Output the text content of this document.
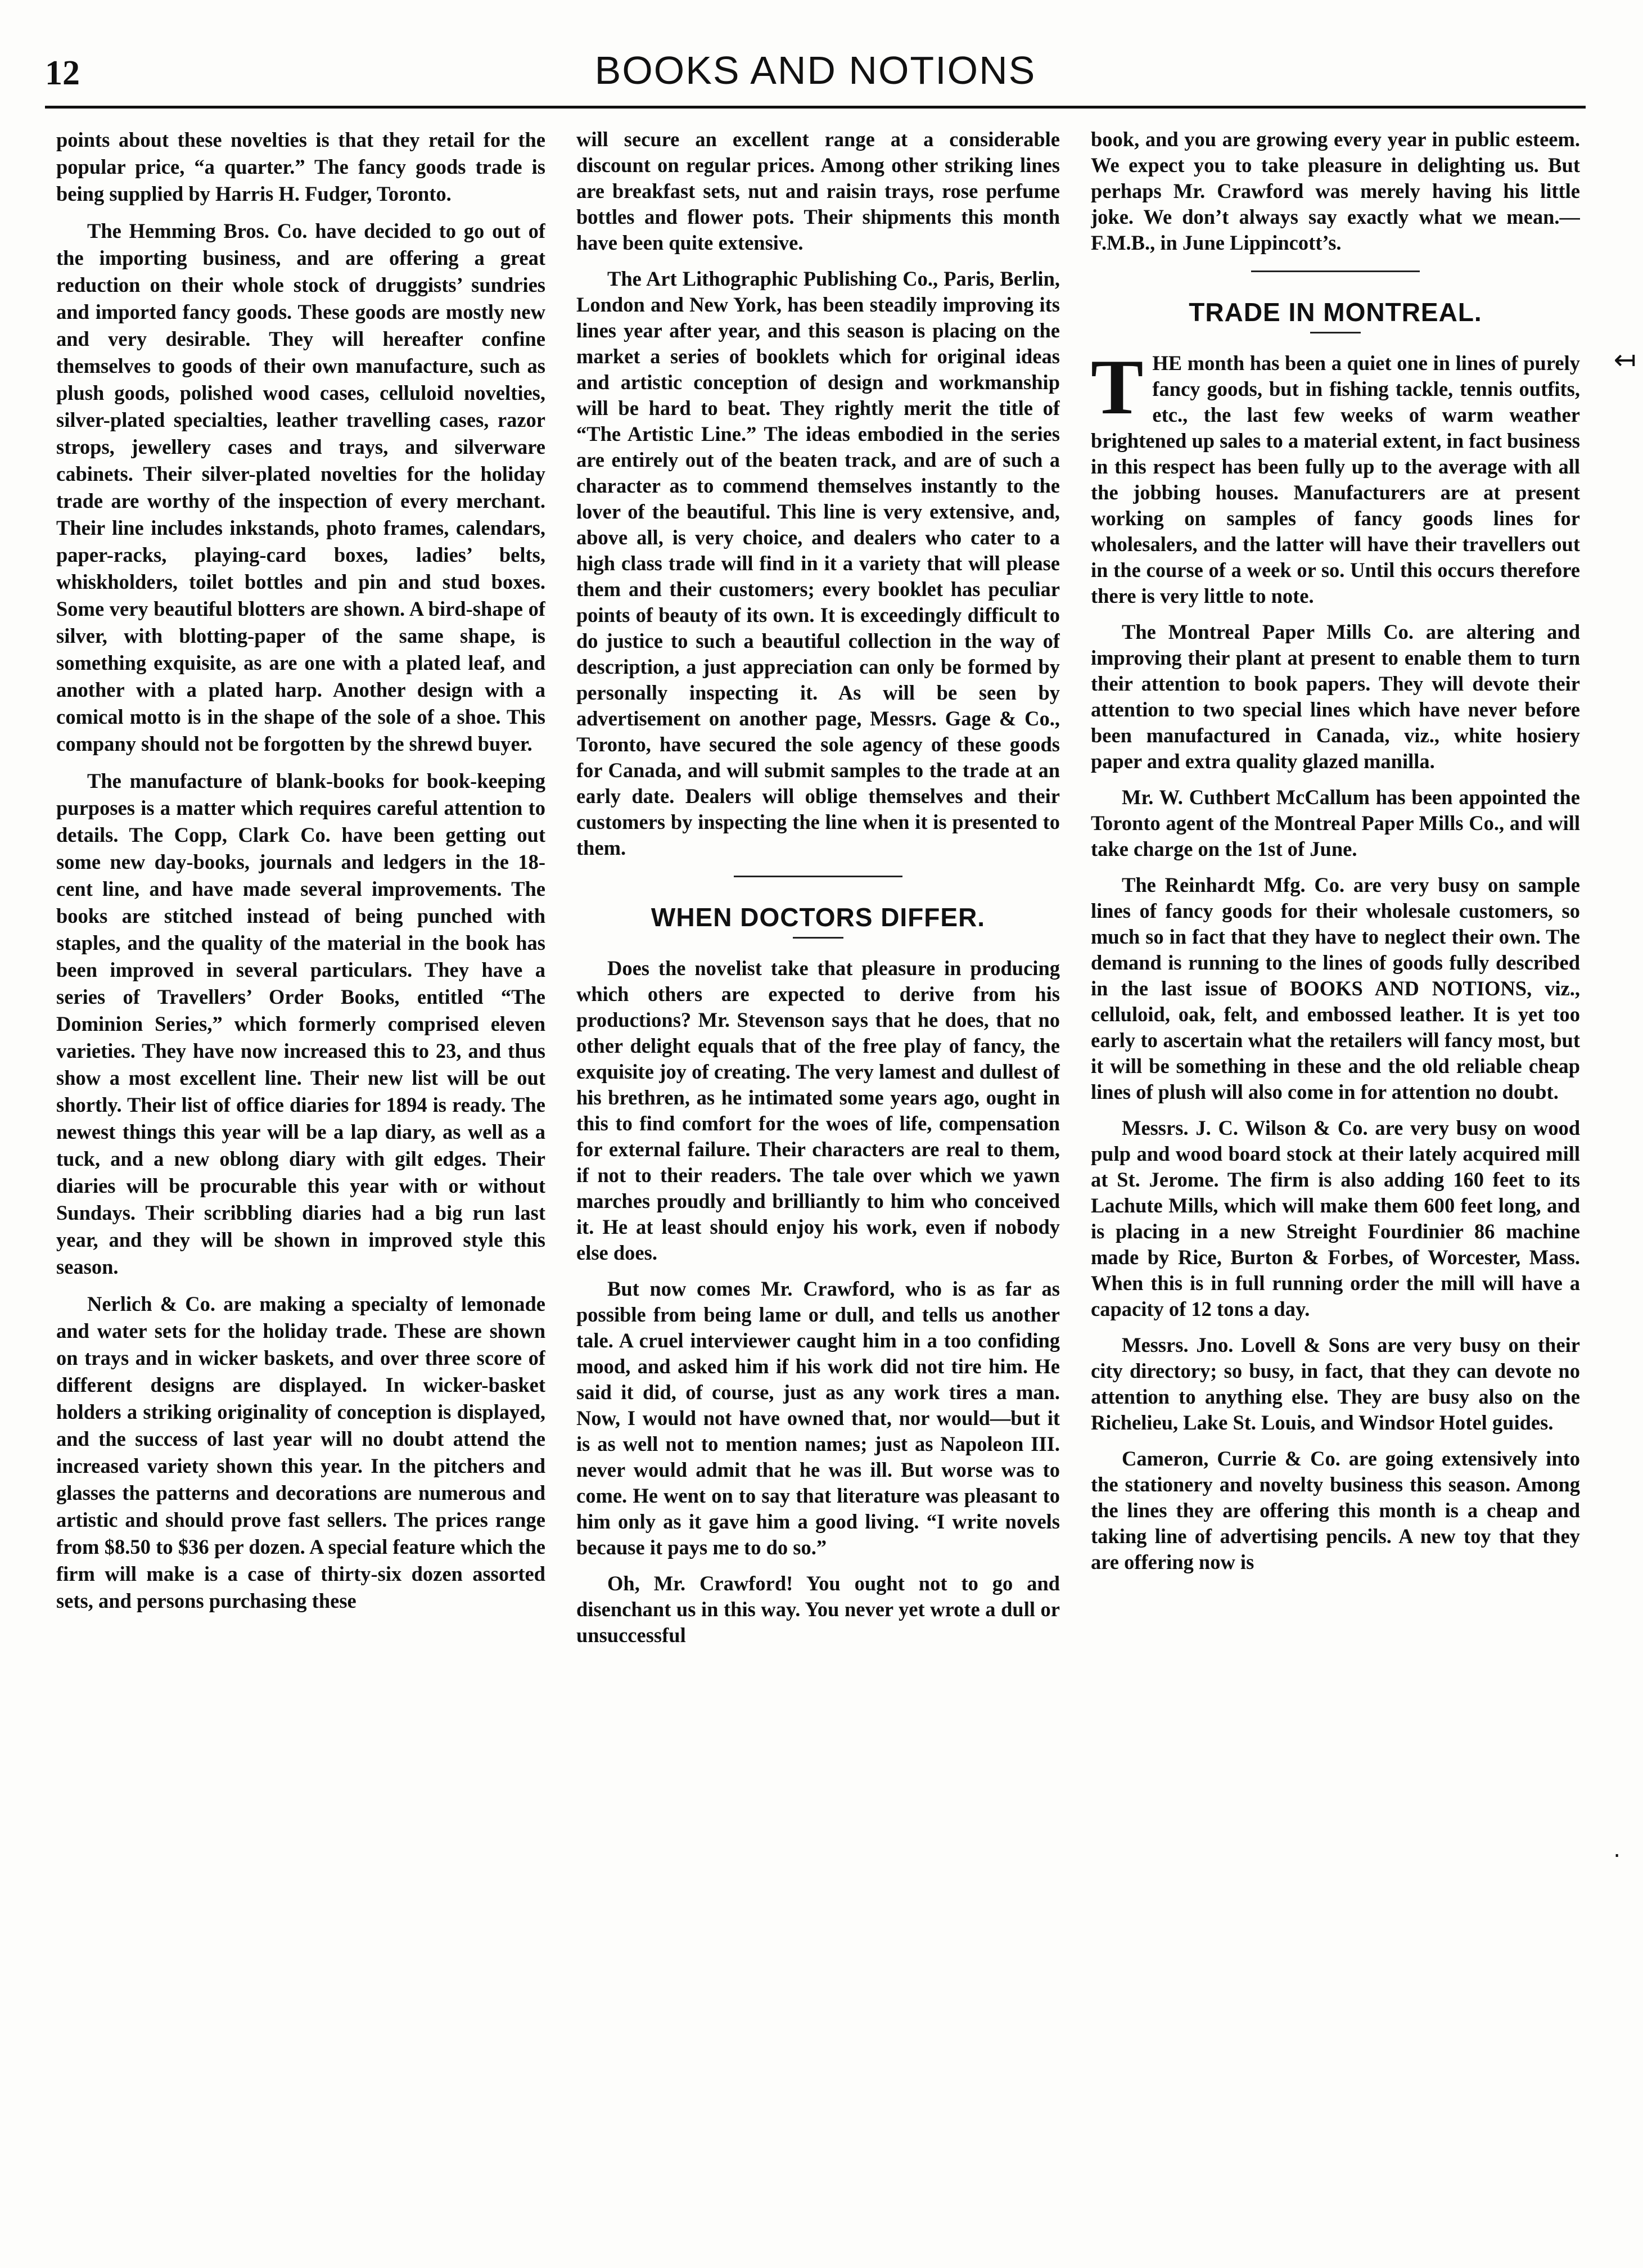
12	BOOKS AND NOTIONS

points about these novelties is that they retail for the popular price, “a quarter.” The fancy goods trade is being supplied by Harris H. Fudger, Toronto.

The Hemming Bros. Co. have decided to go out of the importing business, and are offering a great reduction on their whole stock of druggists’ sundries and imported fancy goods. These goods are mostly new and very desirable. They will hereafter confine themselves to goods of their own manufacture, such as plush goods, polished wood cases, celluloid novelties, silver-plated specialties, leather travelling cases, razor strops, jewellery cases and trays, and silverware cabinets. Their silver-plated novelties for the holiday trade are worthy of the inspection of every merchant. Their line includes inkstands, photo frames, calendars, paper-racks, playing-card boxes, ladies’ belts, whiskholders, toilet bottles and pin and stud boxes. Some very beautiful blotters are shown. A bird-shape of silver, with blotting-paper of the same shape, is something exquisite, as are one with a plated leaf, and another with a plated harp. Another design with a comical motto is in the shape of the sole of a shoe. This company should not be forgotten by the shrewd buyer.

The manufacture of blank-books for book-keeping purposes is a matter which requires careful attention to details. The Copp, Clark Co. have been getting out some new day-books, journals and ledgers in the 18-cent line, and have made several improvements. The books are stitched instead of being punched with staples, and the quality of the material in the book has been improved in several particulars. They have a series of Travellers’ Order Books, entitled “The Dominion Series,” which formerly comprised eleven varieties. They have now increased this to 23, and thus show a most excellent line. Their new list will be out shortly. Their list of office diaries for 1894 is ready. The newest things this year will be a lap diary, as well as a tuck, and a new oblong diary with gilt edges. Their diaries will be procurable this year with or without Sundays. Their scribbling diaries had a big run last year, and they will be shown in improved style this season.

Nerlich & Co. are making a specialty of lemonade and water sets for the holiday trade. These are shown on trays and in wicker baskets, and over three score of different designs are displayed. In wicker-basket holders a striking originality of conception is displayed, and the success of last year will no doubt attend the increased variety shown this year. In the pitchers and glasses the patterns and decorations are numerous and artistic and should prove fast sellers. The prices range from $8.50 to $36 per dozen. A special feature which the firm will make is a case of thirty-six dozen assorted sets, and persons purchasing these

will secure an excellent range at a considerable discount on regular prices. Among other striking lines are breakfast sets, nut and raisin trays, rose perfume bottles and flower pots. Their shipments this month have been quite extensive.

The Art Lithographic Publishing Co., Paris, Berlin, London and New York, has been steadily improving its lines year after year, and this season is placing on the market a series of booklets which for original ideas and artistic conception of design and workmanship will be hard to beat. They rightly merit the title of “The Artistic Line.” The ideas embodied in the series are entirely out of the beaten track, and are of such a character as to commend themselves instantly to the lover of the beautiful. This line is very extensive, and, above all, is very choice, and dealers who cater to a high class trade will find in it a variety that will please them and their customers; every booklet has peculiar points of beauty of its own. It is exceedingly difficult to do justice to such a beautiful collection in the way of description, a just appreciation can only be formed by personally inspecting it. As will be seen by advertisement on another page, Messrs. Gage & Co., Toronto, have secured the sole agency of these goods for Canada, and will submit samples to the trade at an early date. Dealers will oblige themselves and their customers by inspecting the line when it is presented to them.

WHEN DOCTORS DIFFER.

Does the novelist take that pleasure in producing which others are expected to derive from his productions? Mr. Stevenson says that he does, that no other delight equals that of the free play of fancy, the exquisite joy of creating. The very lamest and dullest of his brethren, as he intimated some years ago, ought in this to find comfort for the woes of life, compensation for external failure. Their characters are real to them, if not to their readers. The tale over which we yawn marches proudly and brilliantly to him who conceived it. He at least should enjoy his work, even if nobody else does.

But now comes Mr. Crawford, who is as far as possible from being lame or dull, and tells us another tale. A cruel interviewer caught him in a too confiding mood, and asked him if his work did not tire him. He said it did, of course, just as any work tires a man. Now, I would not have owned that, nor would—but it is as well not to mention names; just as Napoleon III. never would admit that he was ill. But worse was to come. He went on to say that literature was pleasant to him only as it gave him a good living. “I write novels because it pays me to do so.”

Oh, Mr. Crawford! You ought not to go and disenchant us in this way. You never yet wrote a dull or unsuccessful

book, and you are growing every year in public esteem. We expect you to take pleasure in delighting us. But perhaps Mr. Crawford was merely having his little joke. We don’t always say exactly what we mean.—F.M.B., in June Lippincott’s.

TRADE IN MONTREAL.

THE month has been a quiet one in lines of purely fancy goods, but in fishing tackle, tennis outfits, etc., the last few weeks of warm weather brightened up sales to a material extent, in fact business in this respect has been fully up to the average with all the jobbing houses. Manufacturers are at present working on samples of fancy goods lines for wholesalers, and the latter will have their travellers out in the course of a week or so. Until this occurs therefore there is very little to note.

The Montreal Paper Mills Co. are altering and improving their plant at present to enable them to turn their attention to book papers. They will devote their attention to two special lines which have never before been manufactured in Canada, viz., white hosiery paper and extra quality glazed manilla.

Mr. W. Cuthbert McCallum has been appointed the Toronto agent of the Montreal Paper Mills Co., and will take charge on the 1st of June.

The Reinhardt Mfg. Co. are very busy on sample lines of fancy goods for their wholesale customers, so much so in fact that they have to neglect their own. The demand is running to the lines of goods fully described in the last issue of BOOKS AND NOTIONS, viz., celluloid, oak, felt, and embossed leather. It is yet too early to ascertain what the retailers will fancy most, but it will be something in these and the old reliable cheap lines of plush will also come in for attention no doubt.

Messrs. J. C. Wilson & Co. are very busy on wood pulp and wood board stock at their lately acquired mill at St. Jerome. The firm is also adding 160 feet to its Lachute Mills, which will make them 600 feet long, and is placing in a new Streight Fourdinier 86 machine made by Rice, Burton & Forbes, of Worcester, Mass. When this is in full running order the mill will have a capacity of 12 tons a day.

Messrs. Jno. Lovell & Sons are very busy on their city directory; so busy, in fact, that they can devote no attention to anything else. They are busy also on the Richelieu, Lake St. Louis, and Windsor Hotel guides.

Cameron, Currie & Co. are going extensively into the stationery and novelty business this season. Among the lines they are offering this month is a cheap and taking line of advertising pencils. A new toy that they are offering now is

↤
‧
